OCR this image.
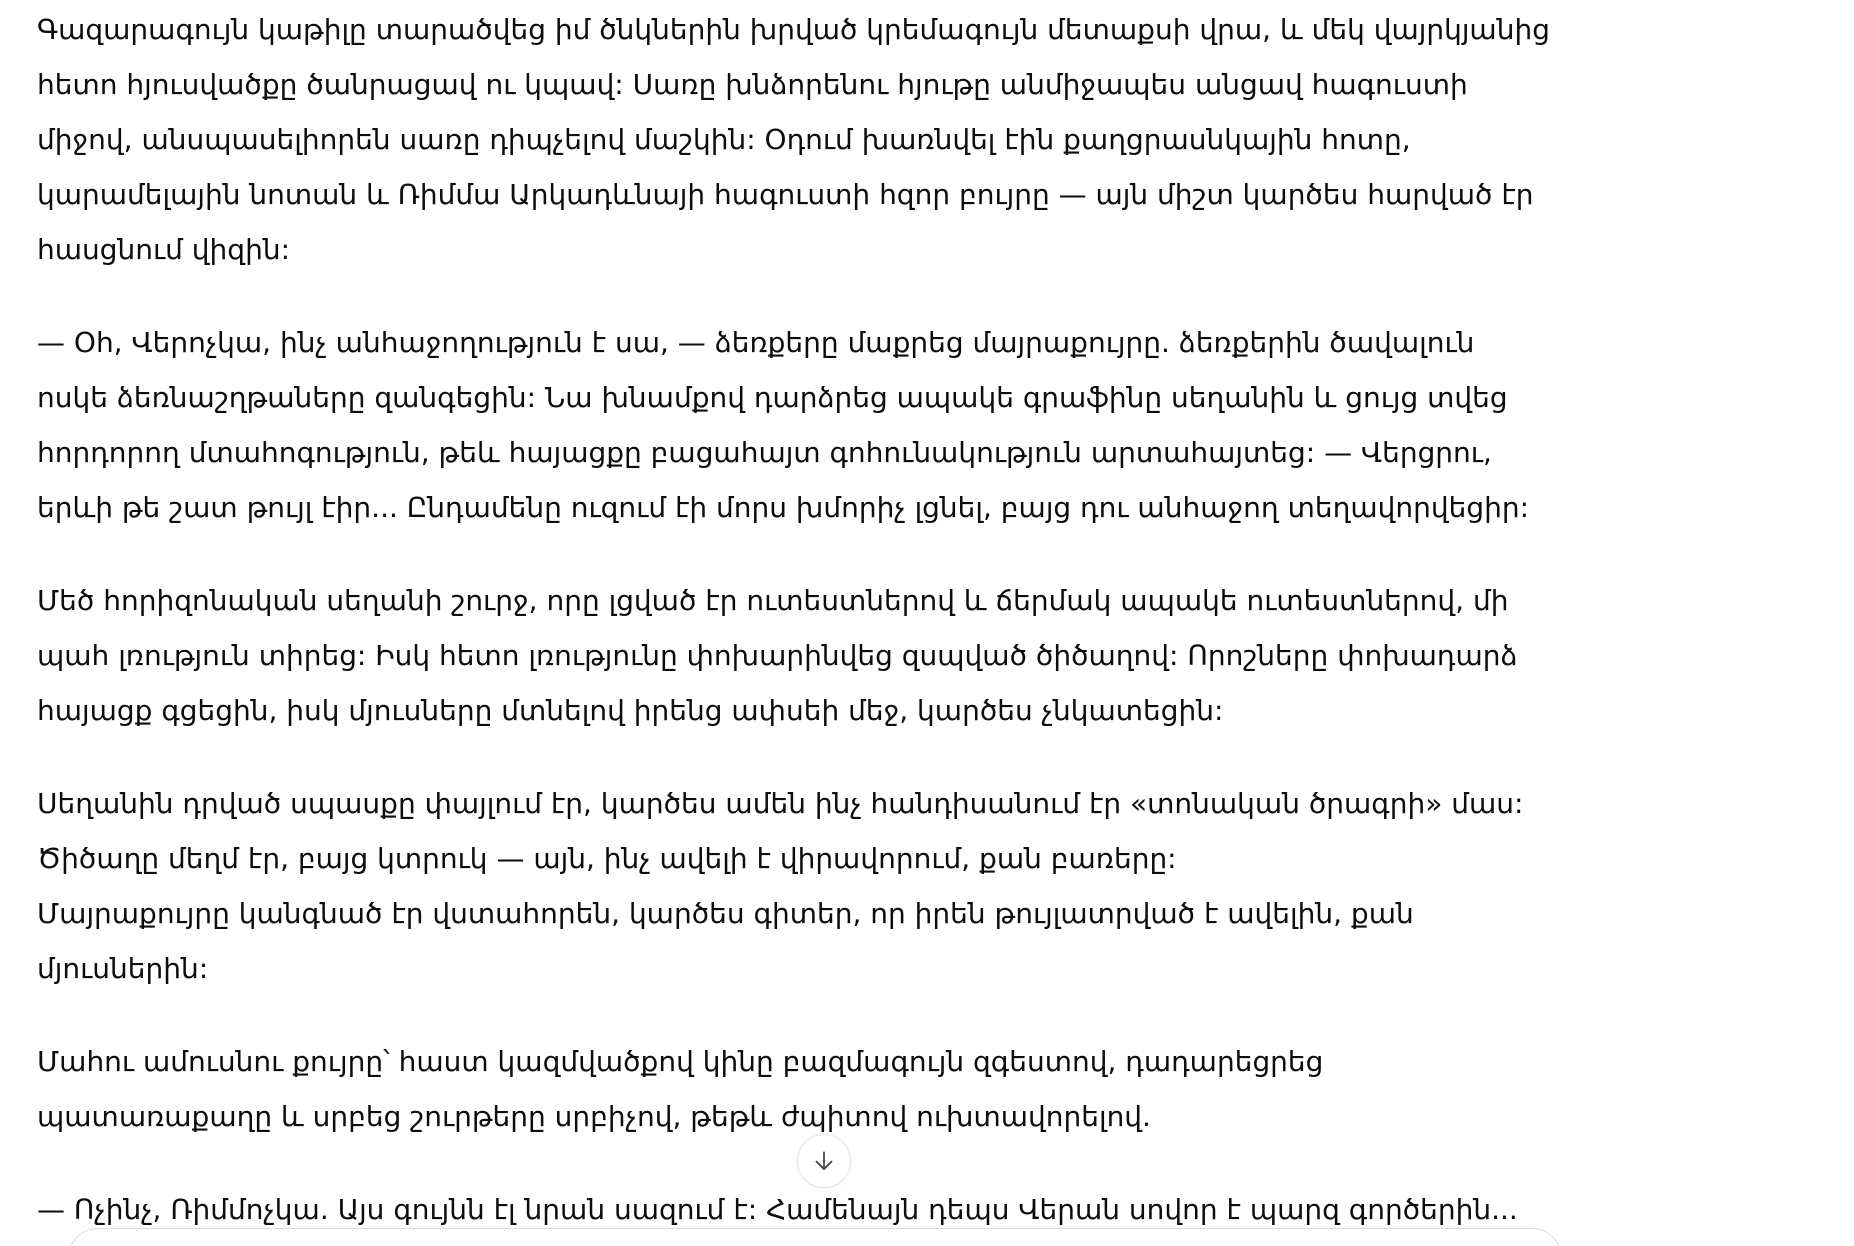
Գազարագույն կաթիլը տարածվեց իմ ծնկներին խրված կրեմագույն մետաքսի վրա, և մեկ վայրկյանից
հետո հյուսվածքը ծանրացավ ու կպավ: Սառը խնձորենու հյութը անմիջապես անցավ հագուստի
միջով, անսպասելիորեն սառը դիպչելով մաշկին: Օդում խառնվել էին քաղցրասնկային հոտը,
կարամելային նոտան և Ռիմմա Արկադևնայի հագուստի հզոր բույրը — այն միշտ կարծես հարված էր
հասցնում վիզին:

— Օհ, Վերոչկա, ինչ անհաջողություն է սա, — ձեռքերը մաքրեց մայրաքույրը. ձեռքերին ծավալուն
ոսկե ձեռնաշղթաները զանգեցին: Նա խնամքով դարձրեց ապակե գրաֆինը սեղանին և ցույց տվեց
հորդորող մտահոգություն, թեև հայացքը բացահայտ գոհունակություն արտահայտեց: — Վերցրու,
երևի թե շատ թույլ էիր... Ընդամենը ուզում էի մորս խմորիչ լցնել, բայց դու անհաջող տեղավորվեցիր:

Մեծ հորիզոնական սեղանի շուրջ, որը լցված էր ուտեստներով և ճերմակ ապակե ուտեստներով, մի
պահ լռություն տիրեց: Իսկ հետո լռությունը փոխարինվեց զսպված ծիծաղով: Որոշները փոխադարձ
հայացք գցեցին, իսկ մյուսները մտնելով իրենց ափսեի մեջ, կարծես չնկատեցին:

Սեղանին դրված սպասքը փայլում էր, կարծես ամեն ինչ հանդիսանում էր «տոնական ծրագրի» մաս:
Ծիծաղը մեղմ էր, բայց կտրուկ — այն, ինչ ավելի է վիրավորում, քան բառերը:
Մայրաքույրը կանգնած էր վստահորեն, կարծես գիտեր, որ իրեն թույլատրված է ավելին, քան
մյուսներին:

Մահու ամուսնու քույրը՝ հաստ կազմվածքով կինը բազմագույն զգեստով, դադարեցրեց
պատառաքաղը և սրբեց շուրթերը սրբիչով, թեթև ժպիտով ուխտավորելով.

— Ոչինչ, Ռիմմոչկա. Այս գույնն էլ նրան սազում է: Համենայն դեպս Վերան սովոր է պարզ գործերին...
